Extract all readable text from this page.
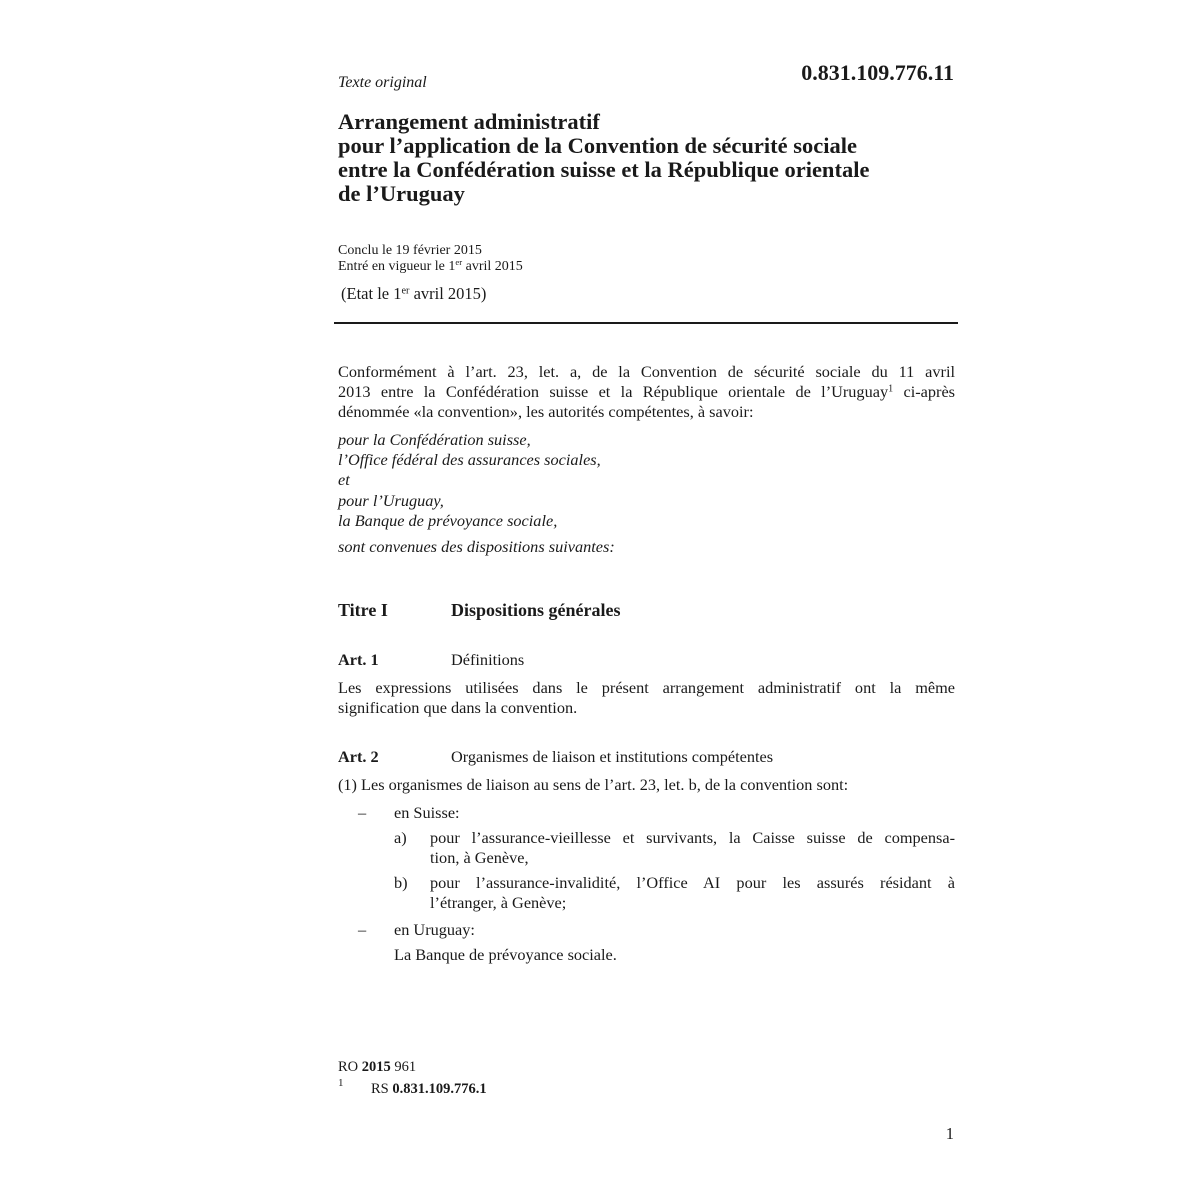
Texte original	0.831.109.776.11
Arrangement administratif
pour l’application de la Convention de sécurité sociale
entre la Confédération suisse et la République orientale
de l’Uruguay
Conclu le 19 février 2015
Entré en vigueur le 1er avril 2015
(Etat le 1er avril 2015)
Conformément à l’art. 23, let. a, de la Convention de sécurité sociale du 11 avril
2013 entre la Confédération suisse et la République orientale de l’Uruguay$^1$ ci-après
dénommée «la convention», les autorités compétentes, à savoir:
pour la Confédération suisse,
l’Office fédéral des assurances sociales,
et
pour l’Uruguay,
la Banque de prévoyance sociale,
sont convenues des dispositions suivantes:
Titre I	Dispositions générales
Art. 1	Définitions
Les expressions utilisées dans le présent arrangement administratif ont la même
signification que dans la convention.
Art. 2	Organismes de liaison et institutions compétentes
(1) Les organismes de liaison au sens de l’art. 23, let. b, de la convention sont:
– en Suisse:
a) pour l’assurance-vieillesse et survivants, la Caisse suisse de compensa-
tion, à Genève,
b) pour l’assurance-invalidité, l’Office AI pour les assurés résidant à
l’étranger, à Genève;
– en Uruguay:
La Banque de prévoyance sociale.
RO 2015 961
1 RS 0.831.109.776.1
1
